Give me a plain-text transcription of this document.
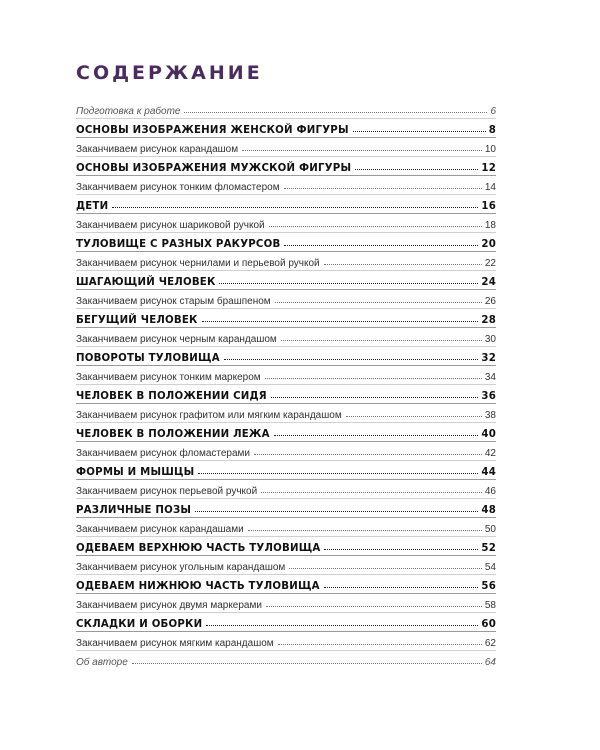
СОДЕРЖАНИЕ
Подготовка к работе	6
ОСНОВЫ ИЗОБРАЖЕНИЯ ЖЕНСКОЙ ФИГУРЫ	8
Заканчиваем рисунок карандашом	10
ОСНОВЫ ИЗОБРАЖЕНИЯ МУЖСКОЙ ФИГУРЫ	12
Заканчиваем рисунок тонким фломастером	14
ДЕТИ	16
Заканчиваем рисунок шариковой ручкой	18
ТУЛОВИЩЕ С РАЗНЫХ РАКУРСОВ	20
Заканчиваем рисунок чернилами и перьевой ручкой	22
ШАГАЮЩИЙ ЧЕЛОВЕК	24
Заканчиваем рисунок старым брашпеном	26
БЕГУЩИЙ ЧЕЛОВЕК	28
Заканчиваем рисунок черным карандашом	30
ПОВОРОТЫ ТУЛОВИЩА	32
Заканчиваем рисунок тонким маркером	34
ЧЕЛОВЕК В ПОЛОЖЕНИИ СИДЯ	36
Заканчиваем рисунок графитом или мягким карандашом	38
ЧЕЛОВЕК В ПОЛОЖЕНИИ ЛЕЖА	40
Заканчиваем рисунок фломастерами	42
ФОРМЫ И МЫШЦЫ	44
Заканчиваем рисунок перьевой ручкой	46
РАЗЛИЧНЫЕ ПОЗЫ	48
Заканчиваем рисунок карандашами	50
ОДЕВАЕМ ВЕРХНЮЮ ЧАСТЬ ТУЛОВИЩА	52
Заканчиваем рисунок угольным карандашом	54
ОДЕВАЕМ НИЖНЮЮ ЧАСТЬ ТУЛОВИЩА	56
Заканчиваем рисунок двумя маркерами	58
СКЛАДКИ И ОБОРКИ	60
Заканчиваем рисунок мягким карандашом	62
Об авторе	64
